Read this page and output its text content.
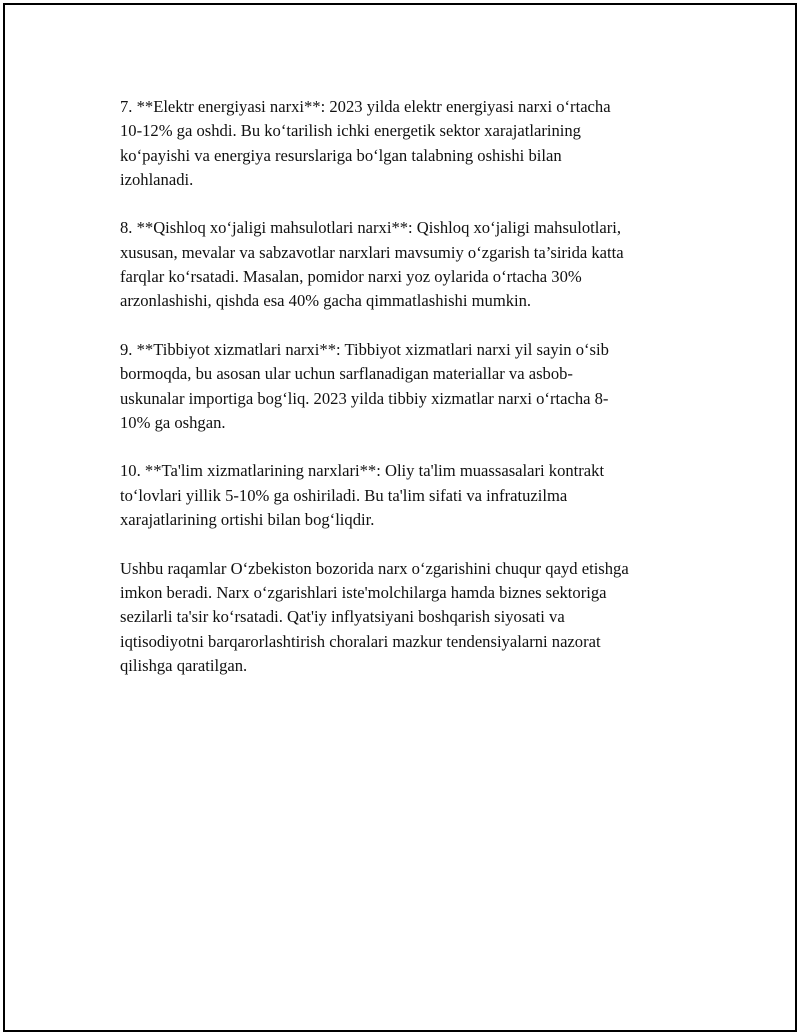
7. **Elektr energiyasi narxi**: 2023 yilda elektr energiyasi narxi o‘rtacha
10-12% ga oshdi. Bu ko‘tarilish ichki energetik sektor xarajatlarining
ko‘payishi va energiya resurslariga bo‘lgan talabning oshishi bilan
izohlanadi.

8. **Qishloq xo‘jaligi mahsulotlari narxi**: Qishloq xo‘jaligi mahsulotlari,
xususan, mevalar va sabzavotlar narxlari mavsumiy o‘zgarish ta’sirida katta
farqlar ko‘rsatadi. Masalan, pomidor narxi yoz oylarida o‘rtacha 30%
arzonlashishi, qishda esa 40% gacha qimmatlashishi mumkin.

9. **Tibbiyot xizmatlari narxi**: Tibbiyot xizmatlari narxi yil sayin o‘sib
bormoqda, bu asosan ular uchun sarflanadigan materiallar va asbob-
uskunalar importiga bog‘liq. 2023 yilda tibbiy xizmatlar narxi o‘rtacha 8-
10% ga oshgan.

10. **Ta'lim xizmatlarining narxlari**: Oliy ta'lim muassasalari kontrakt
to‘lovlari yillik 5-10% ga oshiriladi. Bu ta'lim sifati va infratuzilma
xarajatlarining ortishi bilan bog‘liqdir.

Ushbu raqamlar O‘zbekiston bozorida narx o‘zgarishini chuqur qayd etishga
imkon beradi. Narx o‘zgarishlari iste'molchilarga hamda biznes sektoriga
sezilarli ta'sir ko‘rsatadi. Qat'iy inflyatsiyani boshqarish siyosati va
iqtisodiyotni barqarorlashtirish choralari mazkur tendensiyalarni nazorat
qilishga qaratilgan.
